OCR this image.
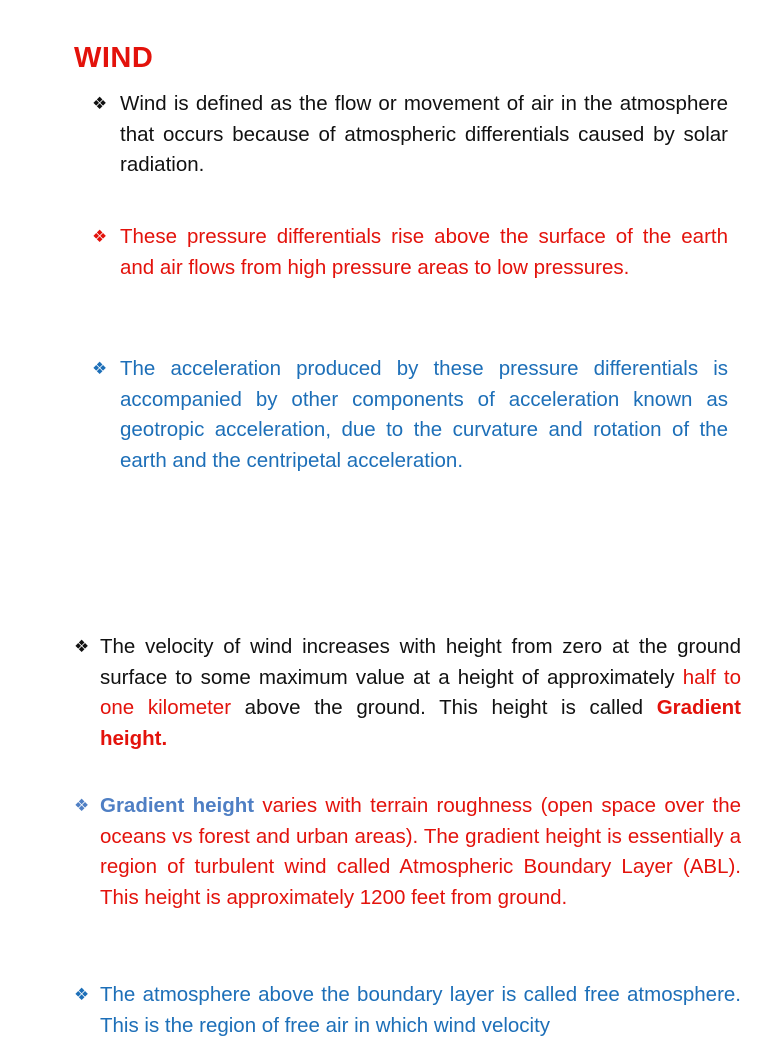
WIND
❖ Wind is defined as the flow or movement of air in the atmosphere that occurs because of atmospheric differentials caused by solar radiation.
❖ These pressure differentials rise above the surface of the earth and air flows from high pressure areas to low pressures.
❖ The acceleration produced by these pressure differentials is accompanied by other components of acceleration known as geotropic acceleration, due to the curvature and rotation of the earth and the centripetal acceleration.
❖ The velocity of wind increases with height from zero at the ground surface to some maximum value at a height of approximately half to one kilometer above the ground. This height is called Gradient height.
❖ Gradient height varies with terrain roughness (open space over the oceans vs forest and urban areas). The gradient height is essentially a region of turbulent wind called Atmospheric Boundary Layer (ABL). This height is approximately 1200 feet from ground.
❖ The atmosphere above the boundary layer is called free atmosphere. This is the region of free air in which wind velocity
